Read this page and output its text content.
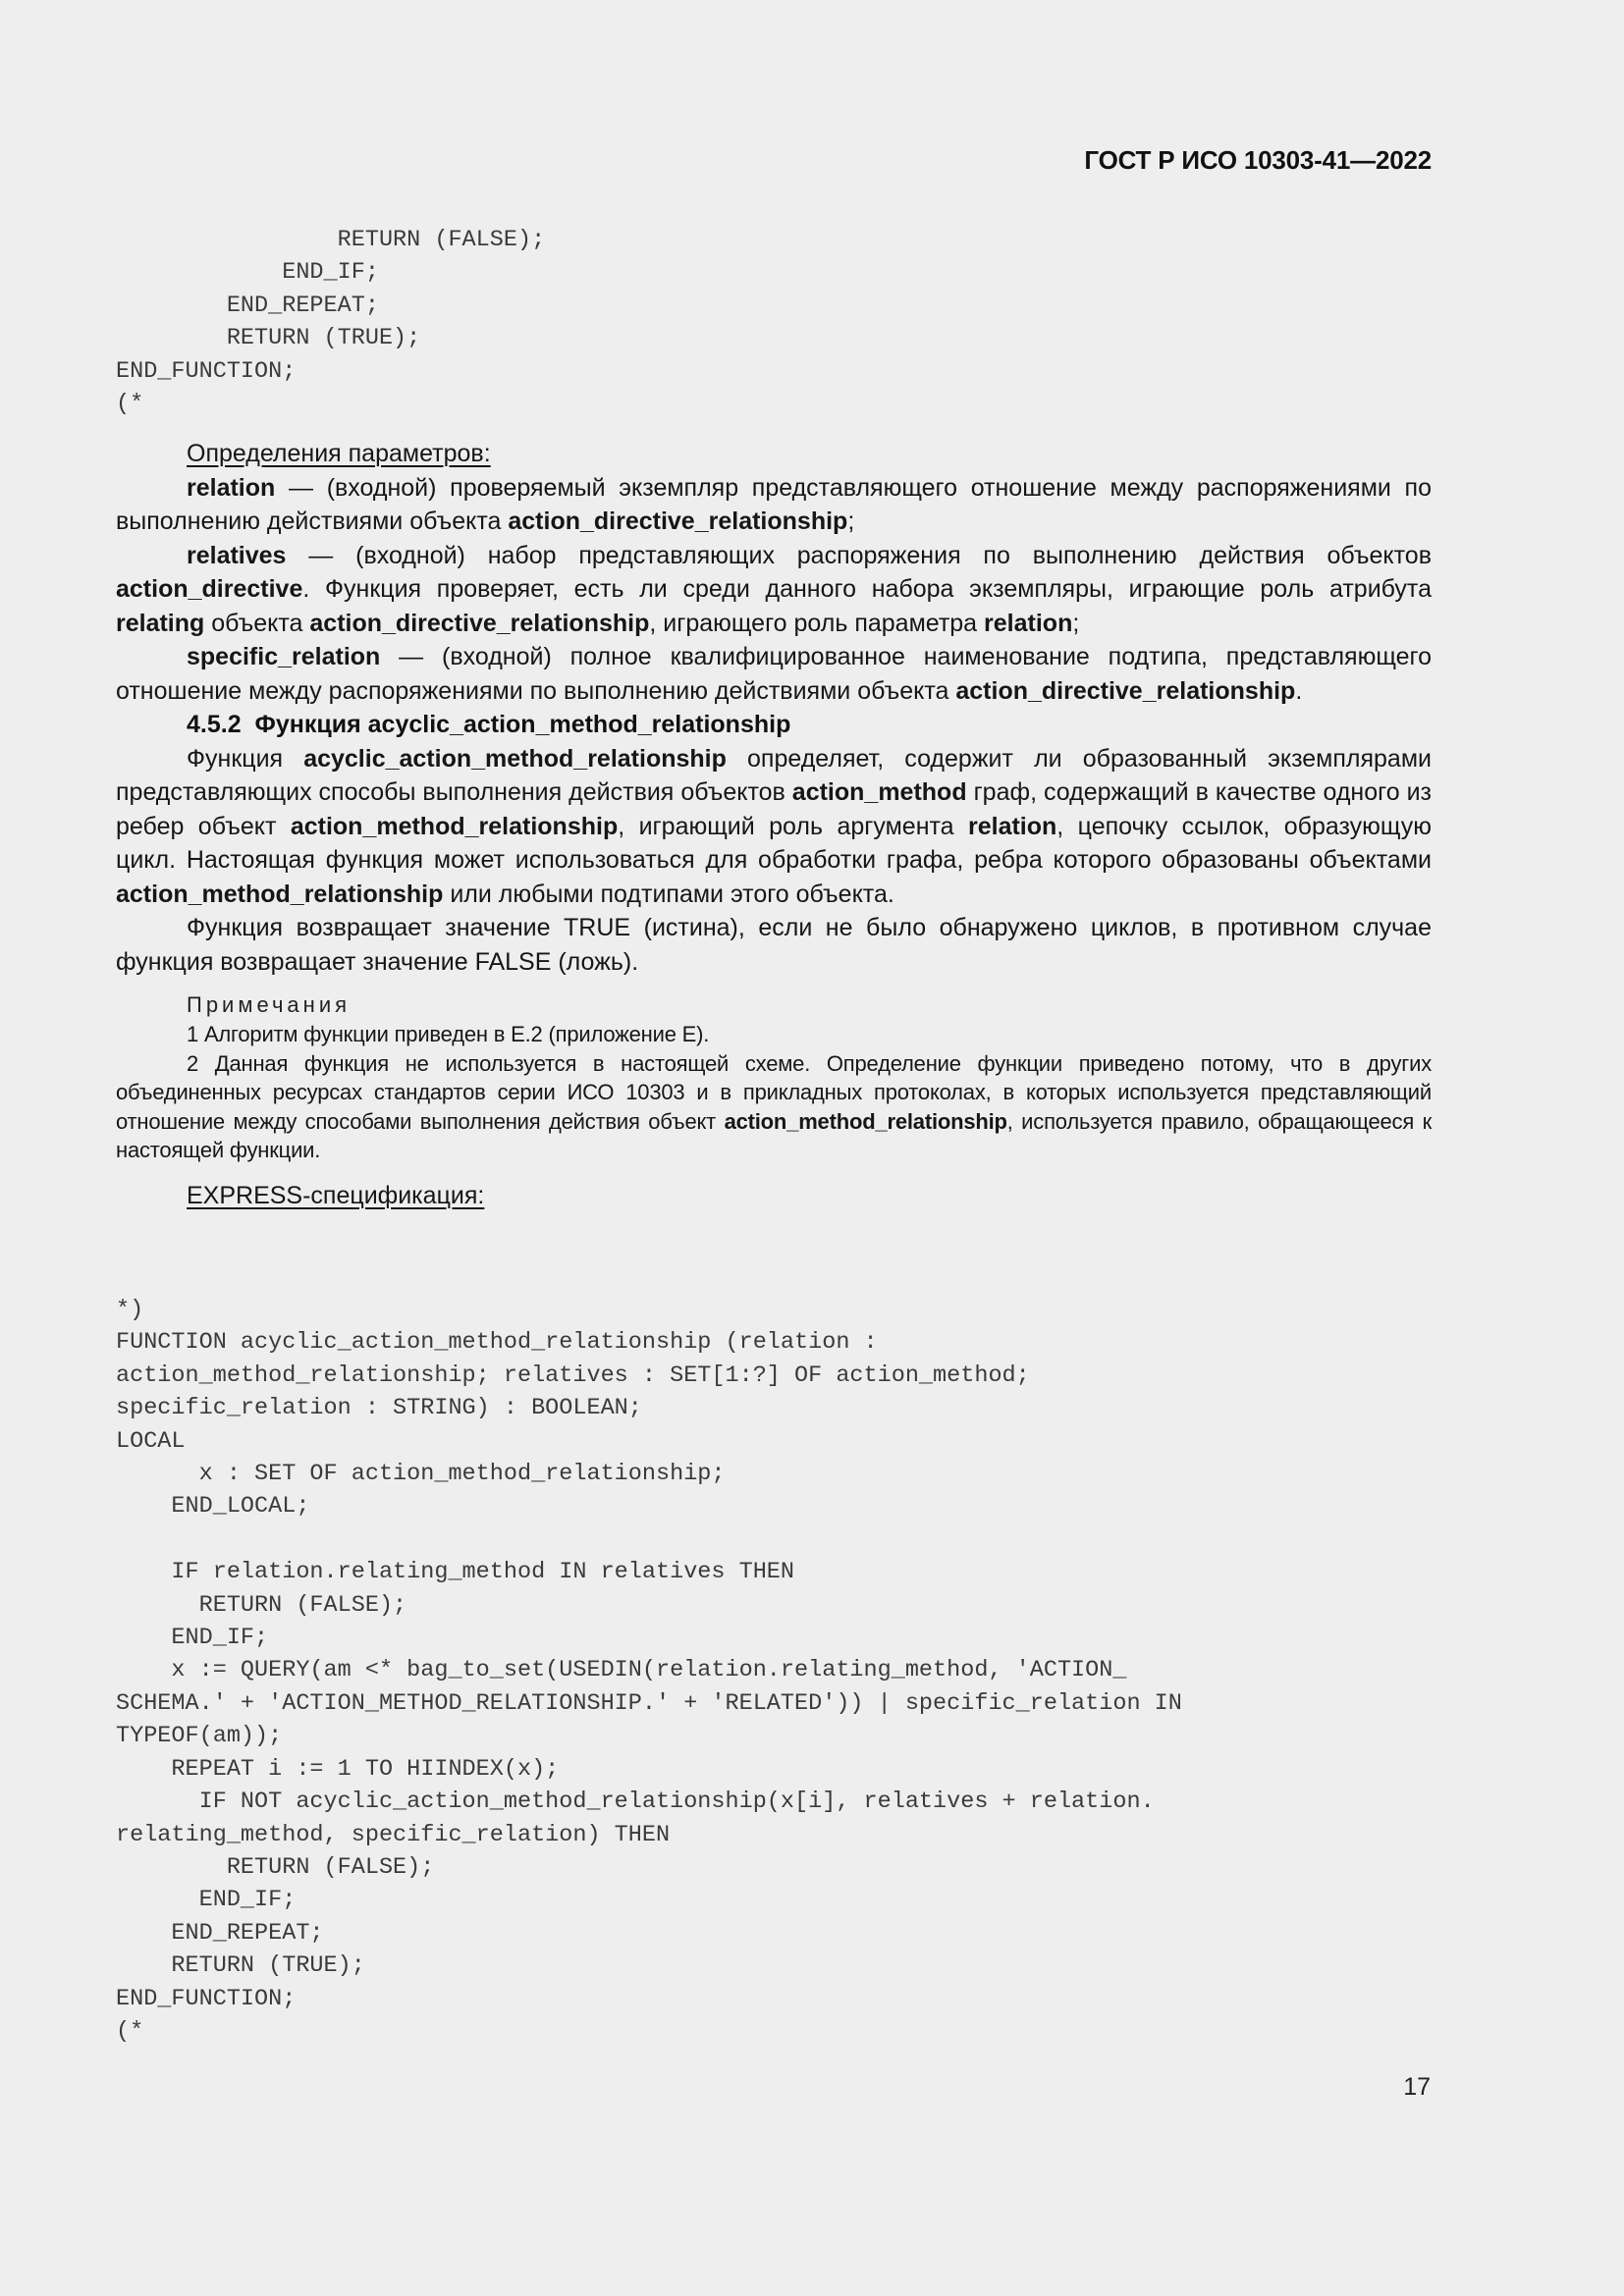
ГОСТ Р ИСО 10303-41—2022
RETURN (FALSE);
END_IF;
END_REPEAT;
RETURN (TRUE);
END_FUNCTION;
(*

Определения параметров:

relation — (входной) проверяемый экземпляр представляющего отношение между распоряжениями по выполнению действиями объекта action_directive_relationship;

relatives — (входной) набор представляющих распоряжения по выполнению действия объектов action_directive. Функция проверяет, есть ли среди данного набора экземпляры, играющие роль атрибута relating объекта action_directive_relationship, играющего роль параметра relation;

specific_relation — (входной) полное квалифицированное наименование подтипа, представляющего отношение между распоряжениями по выполнению действиями объекта action_directive_relationship.

4.5.2 Функция acyclic_action_method_relationship

Функция acyclic_action_method_relationship определяет, содержит ли образованный экземплярами представляющих способы выполнения действия объектов action_method граф, содержащий в качестве одного из ребер объект action_method_relationship, играющий роль аргумента relation, цепочку ссылок, образующую цикл. Настоящая функция может использоваться для обработки графа, ребра которого образованы объектами action_method_relationship или любыми подтипами этого объекта.

Функция возвращает значение TRUE (истина), если не было обнаружено циклов, в противном случае функция возвращает значение FALSE (ложь).

Примечания

1 Алгоритм функции приведен в Е.2 (приложение Е).

2 Данная функция не используется в настоящей схеме. Определение функции приведено потому, что в других объединенных ресурсах стандартов серии ИСО 10303 и в прикладных протоколах, в которых используется представляющий отношение между способами выполнения действия объект action_method_relationship, используется правило, обращающееся к настоящей функции.

EXPRESS-спецификация:

*)
FUNCTION acyclic_action_method_relationship (relation :
action_method_relationship; relatives : SET[1:?] OF action_method;
specific_relation : STRING) : BOOLEAN;
LOCAL
x : SET OF action_method_relationship;
END_LOCAL;

IF relation.relating_method IN relatives THEN
RETURN (FALSE);
END_IF;
x := QUERY(am <* bag_to_set(USEDIN(relation.relating_method, 'ACTION_
SCHEMA.' + 'ACTION_METHOD_RELATIONSHIP.' + 'RELATED')) | specific_relation IN
TYPEOF(am));
REPEAT i := 1 TO HIINDEX(x);
IF NOT acyclic_action_method_relationship(x[i], relatives + relation.
relating_method, specific_relation) THEN
RETURN (FALSE);
END_IF;
END_REPEAT;
RETURN (TRUE);
END_FUNCTION;
(*
17
